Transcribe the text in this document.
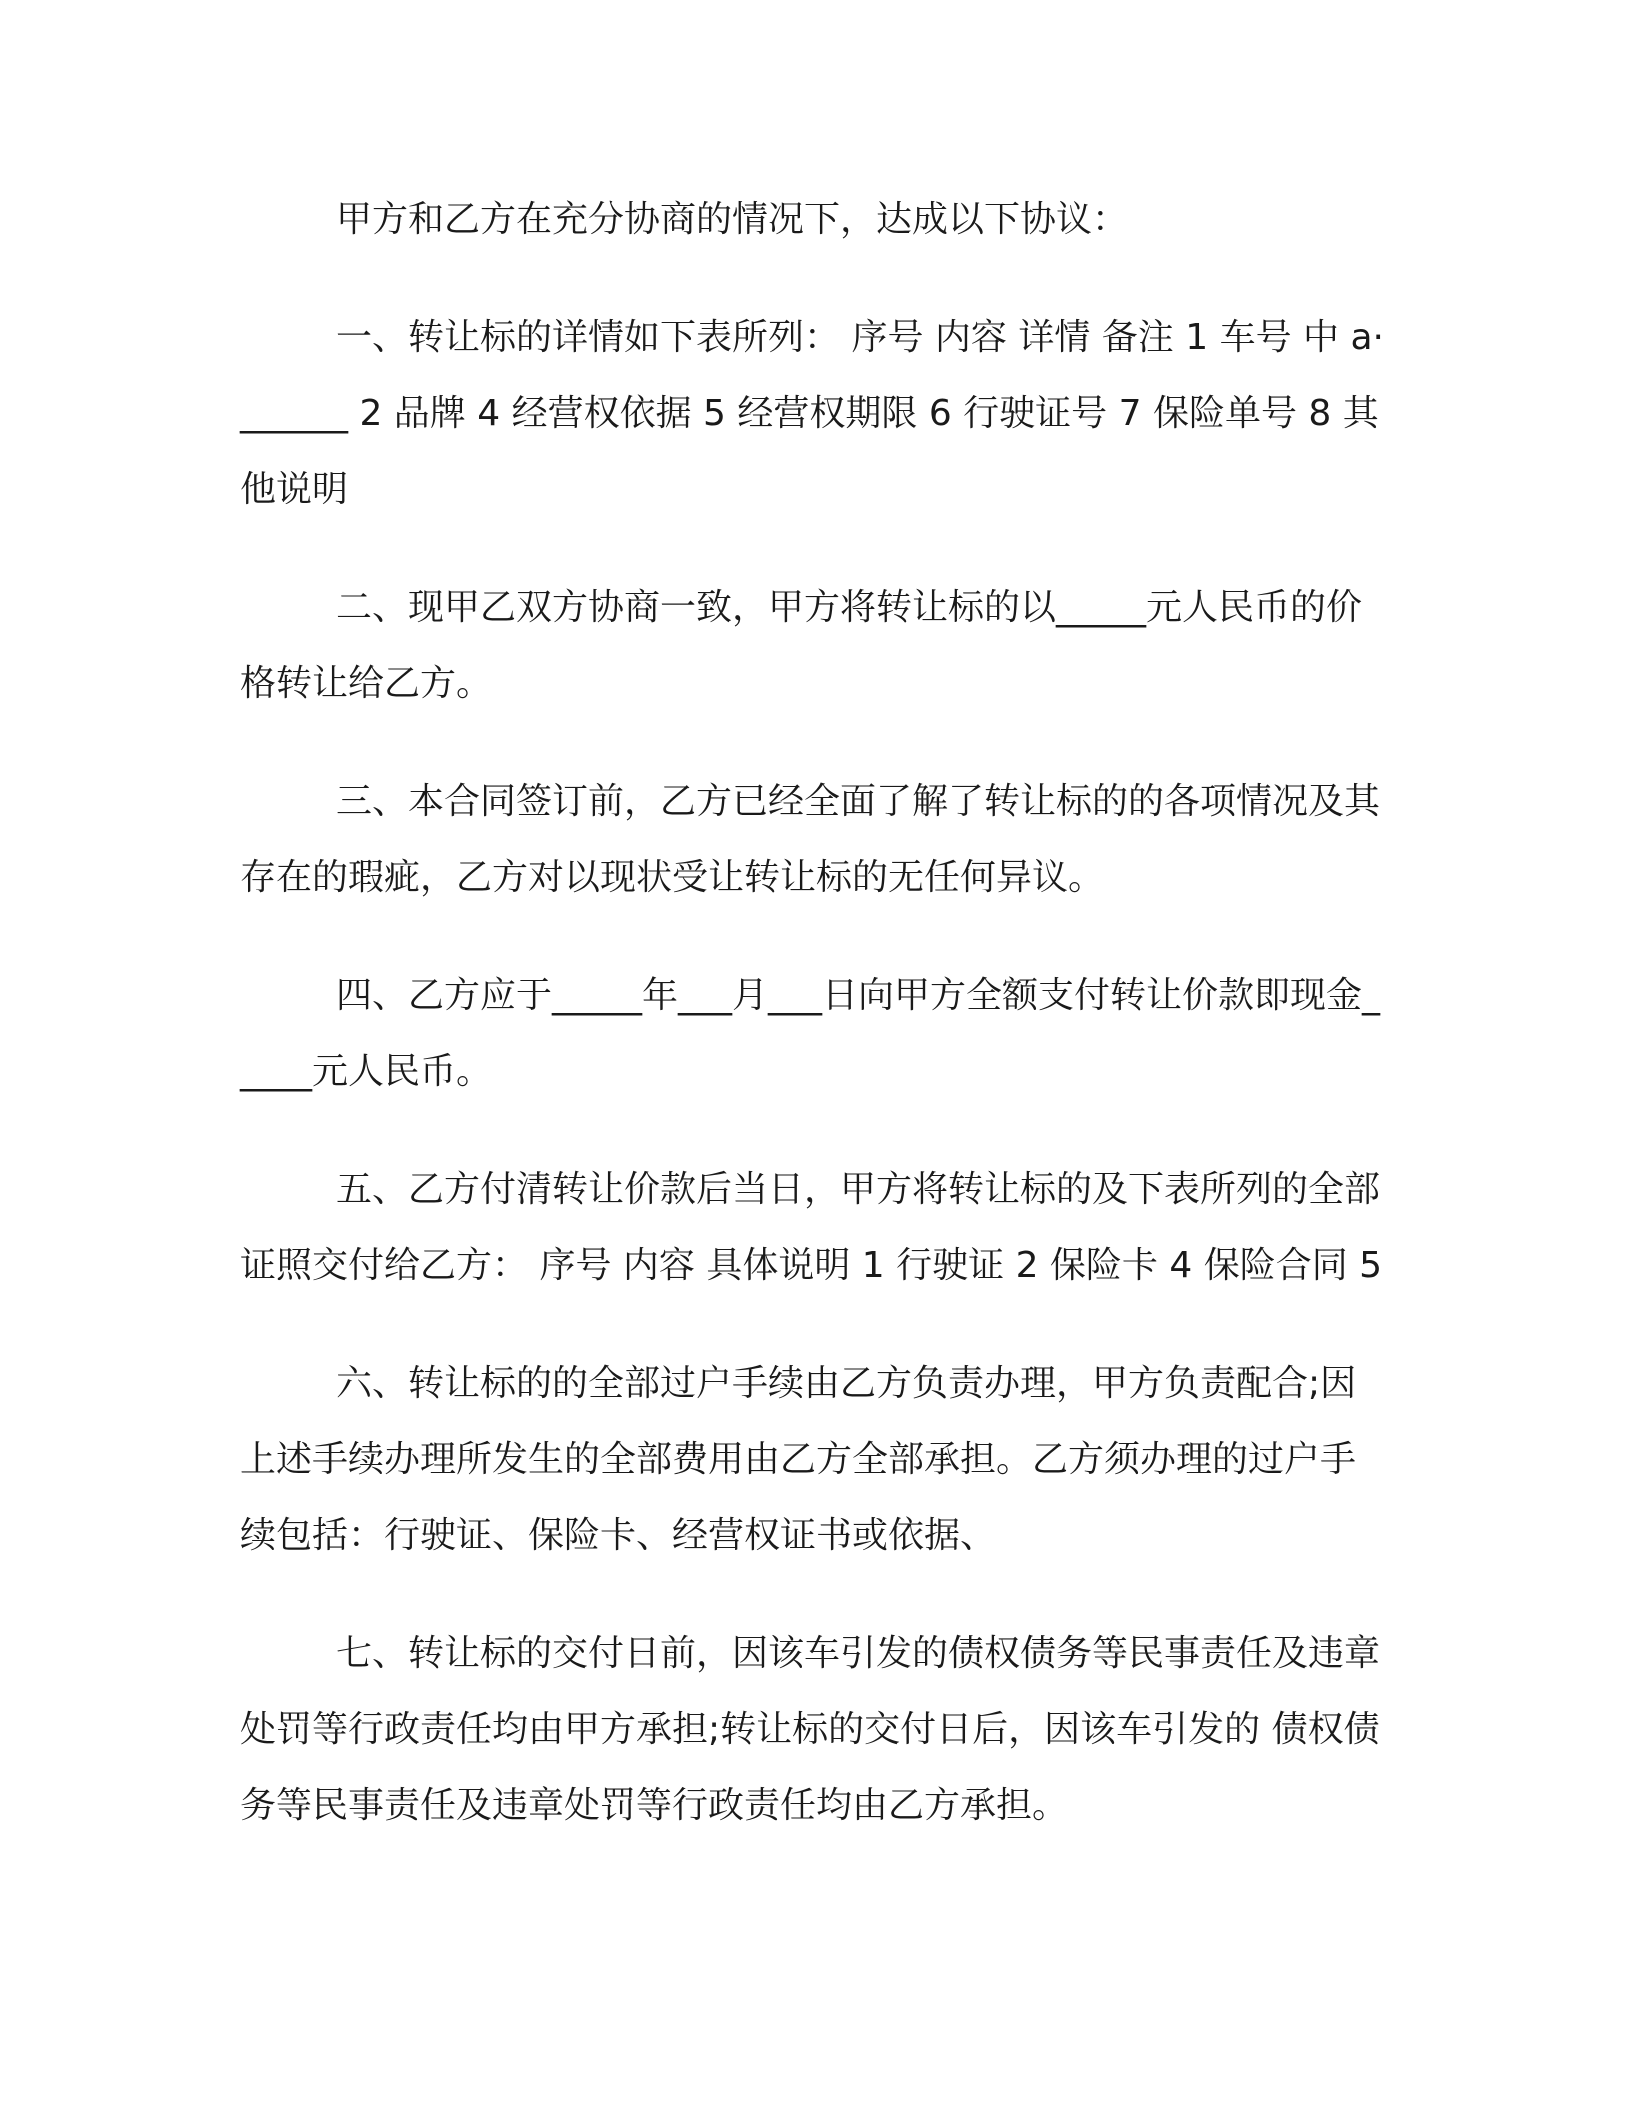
甲方和乙方在充分协商的情况下，达成以下协议：

一、转让标的详情如下表所列： 序号 内容 详情 备注 1 车号 中 a·______ 2 品牌 4 经营权依据 5 经营权期限 6 行驶证号 7 保险单号 8 其他说明

二、现甲乙双方协商一致，甲方将转让标的以_____元人民币的价格转让给乙方。

三、本合同签订前，乙方已经全面了解了转让标的的各项情况及其存在的瑕疵，乙方对以现状受让转让标的无任何异议。

四、乙方应于_____年___月___日向甲方全额支付转让价款即现金_____元人民币。

五、乙方付清转让价款后当日，甲方将转让标的及下表所列的全部证照交付给乙方： 序号 内容 具体说明 1 行驶证 2 保险卡 4 保险合同 5

六、转让标的的全部过户手续由乙方负责办理，甲方负责配合;因上述手续办理所发生的全部费用由乙方全部承担。乙方须办理的过户手续包括：行驶证、保险卡、经营权证书或依据、

七、转让标的交付日前，因该车引发的债权债务等民事责任及违章处罚等行政责任均由甲方承担;转让标的交付日后，因该车引发的 债权债务等民事责任及违章处罚等行政责任均由乙方承担。
